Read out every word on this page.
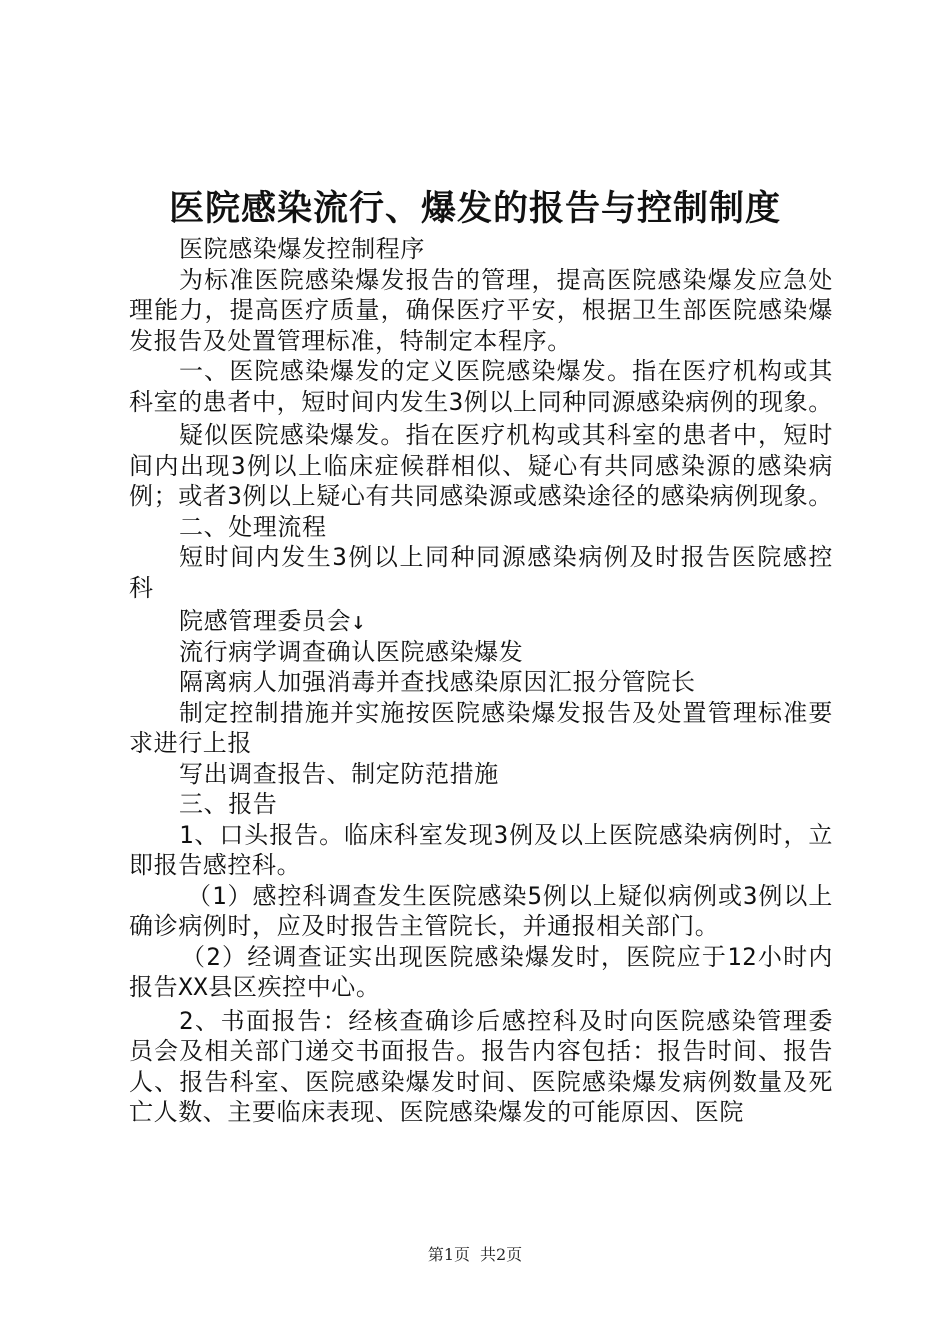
医院感染流行、爆发的报告与控制制度

医院感染爆发控制程序

为标准医院感染爆发报告的管理，提高医院感染爆发应急处理能力，提高医疗质量，确保医疗平安，根据卫生部医院感染爆发报告及处置管理标准，特制定本程序。

一、医院感染爆发的定义医院感染爆发。指在医疗机构或其科室的患者中，短时间内发生3例以上同种同源感染病例的现象。

疑似医院感染爆发。指在医疗机构或其科室的患者中，短时间内出现3例以上临床症候群相似、疑心有共同感染源的感染病例；或者3例以上疑心有共同感染源或感染途径的感染病例现象。

二、处理流程

短时间内发生3例以上同种同源感染病例及时报告医院感控科

院感管理委员会↓

流行病学调查确认医院感染爆发

隔离病人加强消毒并查找感染原因汇报分管院长

制定控制措施并实施按医院感染爆发报告及处置管理标准要求进行上报

写出调查报告、制定防范措施

三、报告

1、口头报告。临床科室发现3例及以上医院感染病例时，立即报告感控科。

（1）感控科调查发生医院感染5例以上疑似病例或3例以上确诊病例时，应及时报告主管院长，并通报相关部门。

（2）经调查证实出现医院感染爆发时，医院应于12小时内报告XX县区疾控中心。

2、书面报告：经核查确诊后感控科及时向医院感染管理委员会及相关部门递交书面报告。报告内容包括：报告时间、报告人、报告科室、医院感染爆发时间、医院感染爆发病例数量及死亡人数、主要临床表现、医院感染爆发的可能原因、医院

第1页 共2页
